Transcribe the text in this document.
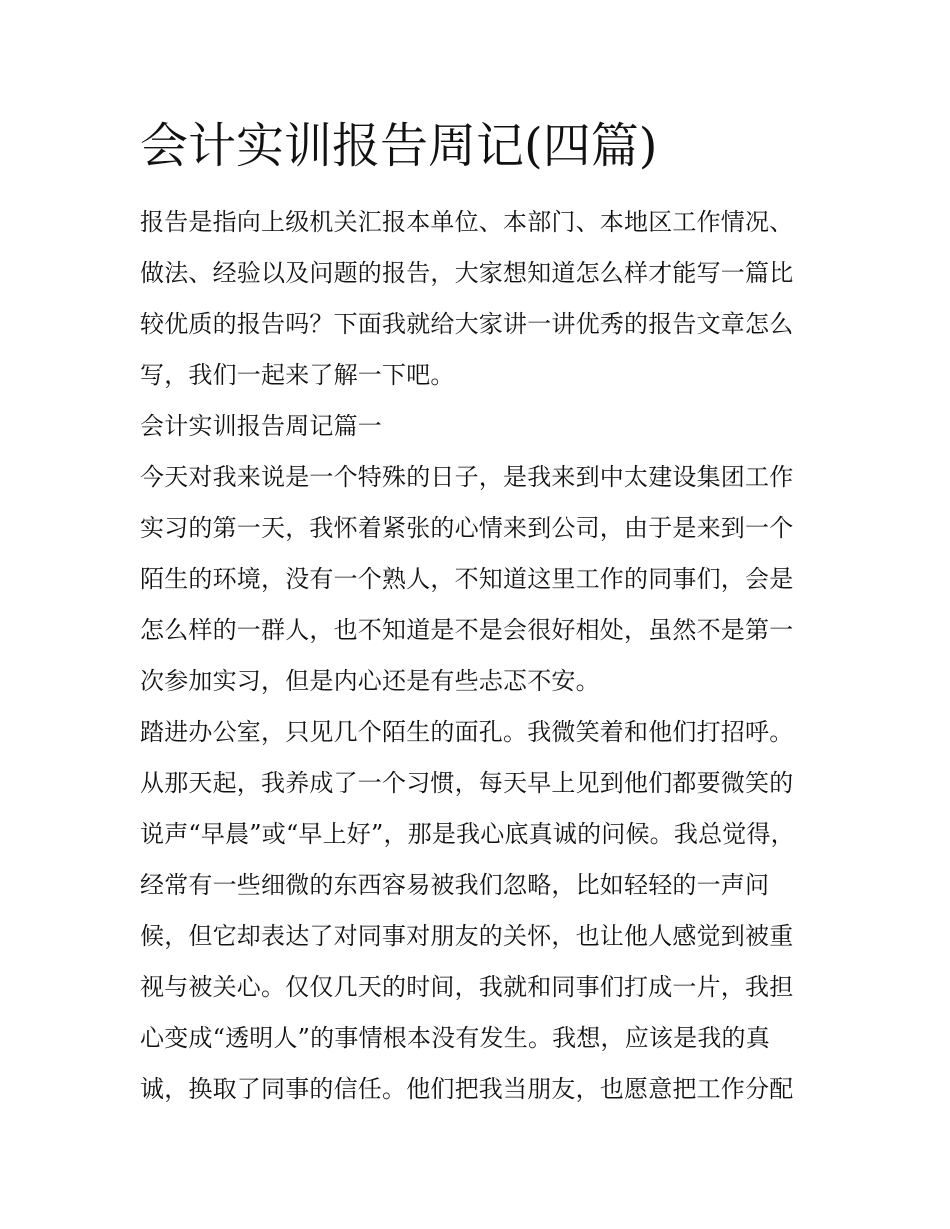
会计实训报告周记(四篇)

报告是指向上级机关汇报本单位、本部门、本地区工作情况、

做法、经验以及问题的报告，大家想知道怎么样才能写一篇比

较优质的报告吗？下面我就给大家讲一讲优秀的报告文章怎么

写，我们一起来了解一下吧。

会计实训报告周记篇一

今天对我来说是一个特殊的日子，是我来到中太建设集团工作

实习的第一天，我怀着紧张的心情来到公司，由于是来到一个

陌生的环境，没有一个熟人，不知道这里工作的同事们，会是

怎么样的一群人，也不知道是不是会很好相处，虽然不是第一

次参加实习，但是内心还是有些忐忑不安。

踏进办公室，只见几个陌生的面孔。我微笑着和他们打招呼。

从那天起，我养成了一个习惯，每天早上见到他们都要微笑的

说声“早晨”或“早上好”，那是我心底真诚的问候。我总觉得，

经常有一些细微的东西容易被我们忽略，比如轻轻的一声问

候，但它却表达了对同事对朋友的关怀，也让他人感觉到被重

视与被关心。仅仅几天的时间，我就和同事们打成一片，我担

心变成“透明人”的事情根本没有发生。我想，应该是我的真

诚，换取了同事的信任。他们把我当朋友，也愿意把工作分配
